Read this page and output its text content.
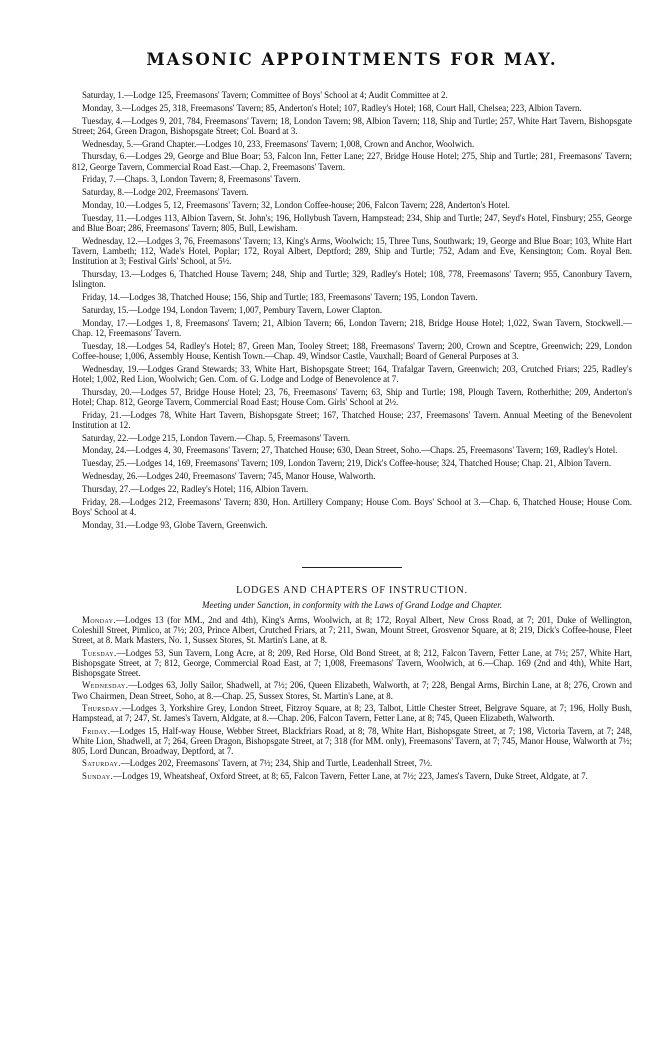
MASONIC APPOINTMENTS FOR MAY.

Saturday, 1.—Lodge 125, Freemasons' Tavern; Committee of Boys' School at 4; Audit Committee at 2.

Monday, 3.—Lodges 25, 318, Freemasons' Tavern; 85, Anderton's Hotel; 107, Radley's Hotel; 168, Court Hall, Chelsea; 223, Albion Tavern.

Tuesday, 4.—Lodges 9, 201, 784, Freemasons' Tavern; 18, London Tavern; 98, Albion Tavern; 118, Ship and Turtle; 257, White Hart Tavern, Bishopsgate Street; 264, Green Dragon, Bishopsgate Street; Col. Board at 3.

Wednesday, 5.—Grand Chapter.—Lodges 10, 233, Freemasons' Tavern; 1,008, Crown and Anchor, Woolwich.

Thursday, 6.—Lodges 29, George and Blue Boar; 53, Falcon Inn, Fetter Lane; 227, Bridge House Hotel; 275, Ship and Turtle; 281, Freemasons' Tavern; 812, George Tavern, Commercial Road East.—Chap. 2, Freemasons' Tavern.

Friday, 7.—Chaps. 3, London Tavern; 8, Freemasons' Tavern.

Saturday, 8.—Lodge 202, Freemasons' Tavern.

Monday, 10.—Lodges 5, 12, Freemasons' Tavern; 32, London Coffee-house; 206, Falcon Tavern; 228, Anderton's Hotel.

Tuesday, 11.—Lodges 113, Albion Tavern, St. John's; 196, Hollybush Tavern, Hampstead; 234, Ship and Turtle; 247, Seyd's Hotel, Finsbury; 255, George and Blue Boar; 286, Freemasons' Tavern; 805, Bull, Lewisham.

Wednesday, 12.—Lodges 3, 76, Freemasons' Tavern; 13, King's Arms, Woolwich; 15, Three Tuns, Southwark; 19, George and Blue Boar; 103, White Hart Tavern, Lambeth; 112, Wade's Hotel, Poplar; 172, Royal Albert, Deptford; 289, Ship and Turtle; 752, Adam and Eve, Kensington; Com. Royal Ben. Institution at 3; Festival Girls' School, at 5½.

Thursday, 13.—Lodges 6, Thatched House Tavern; 248, Ship and Turtle; 329, Radley's Hotel; 108, 778, Freemasons' Tavern; 955, Canonbury Tavern, Islington.

Friday, 14.—Lodges 38, Thatched House; 156, Ship and Turtle; 183, Freemasons' Tavern; 195, London Tavern.

Saturday, 15.—Lodge 194, London Tavern; 1,007, Pembury Tavern, Lower Clapton.

Monday, 17.—Lodges 1, 8, Freemasons' Tavern; 21, Albion Tavern; 66, London Tavern; 218, Bridge House Hotel; 1,022, Swan Tavern, Stockwell.—Chap. 12, Freemasons' Tavern.

Tuesday, 18.—Lodges 54, Radley's Hotel; 87, Green Man, Tooley Street; 188, Freemasons' Tavern; 200, Crown and Sceptre, Greenwich; 229, London Coffee-house; 1,006, Assembly House, Kentish Town.—Chap. 49, Windsor Castle, Vauxhall; Board of General Purposes at 3.

Wednesday, 19.—Lodges Grand Stewards; 33, White Hart, Bishopsgate Street; 164, Trafalgar Tavern, Greenwich; 203, Crutched Friars; 225, Radley's Hotel; 1,002, Red Lion, Woolwich; Gen. Com. of G. Lodge and Lodge of Benevolence at 7.

Thursday, 20.—Lodges 57, Bridge House Hotel; 23, 76, Freemasons' Tavern; 63, Ship and Turtle; 198, Plough Tavern, Rotherhithe; 209, Anderton's Hotel; Chap. 812, George Tavern, Commercial Road East; House Com. Girls' School at 2½.

Friday, 21.—Lodges 78, White Hart Tavern, Bishopsgate Street; 167, Thatched House; 237, Freemasons' Tavern. Annual Meeting of the Benevolent Institution at 12.

Saturday, 22.—Lodge 215, London Tavern.—Chap. 5, Freemasons' Tavern.

Monday, 24.—Lodges 4, 30, Freemasons' Tavern; 27, Thatched House; 630, Dean Street, Soho.—Chaps. 25, Freemasons' Tavern; 169, Radley's Hotel.

Tuesday, 25.—Lodges 14, 169, Freemasons' Tavern; 109, London Tavern; 219, Dick's Coffee-house; 324, Thatched House; Chap. 21, Albion Tavern.

Wednesday, 26.—Lodges 240, Freemasons' Tavern; 745, Manor House, Walworth.

Thursday, 27.—Lodges 22, Radley's Hotel; 116, Albion Tavern.

Friday, 28.—Lodges 212, Freemasons' Tavern; 830, Hon. Artillery Company; House Com. Boys' School at 3.—Chap. 6, Thatched House; House Com. Boys' School at 4.

Monday, 31.—Lodge 93, Globe Tavern, Greenwich.

LODGES AND CHAPTERS OF INSTRUCTION.
Meeting under Sanction, in conformity with the Laws of Grand Lodge and Chapter.

Monday.—Lodges 13 (for MM., 2nd and 4th), King's Arms, Woolwich, at 8; 172, Royal Albert, New Cross Road, at 7; 201, Duke of Wellington, Coleshill Street, Pimlico, at 7½; 203, Prince Albert, Crutched Friars, at 7; 211, Swan, Mount Street, Grosvenor Square, at 8; 219, Dick's Coffee-house, Fleet Street, at 8. Mark Masters, No. 1, Sussex Stores, St. Martin's Lane, at 8.

Tuesday.—Lodges 53, Sun Tavern, Long Acre, at 8; 209, Red Horse, Old Bond Street, at 8; 212, Falcon Tavern, Fetter Lane, at 7½; 257, White Hart, Bishopsgate Street, at 7; 812, George, Commercial Road East, at 7; 1,008, Freemasons' Tavern, Woolwich, at 6.—Chap. 169 (2nd and 4th), White Hart, Bishopsgate Street.

Wednesday.—Lodges 63, Jolly Sailor, Shadwell, at 7½; 206, Queen Elizabeth, Walworth, at 7; 228, Bengal Arms, Birchin Lane, at 8; 276, Crown and Two Chairmen, Dean Street, Soho, at 8.—Chap. 25, Sussex Stores, St. Martin's Lane, at 8.

Thursday.—Lodges 3, Yorkshire Grey, London Street, Fitzroy Square, at 8; 23, Talbot, Little Chester Street, Belgrave Square, at 7; 196, Holly Bush, Hampstead, at 7; 247, St. James's Tavern, Aldgate, at 8.—Chap. 206, Falcon Tavern, Fetter Lane, at 8; 745, Queen Elizabeth, Walworth.

Friday.—Lodges 15, Half-way House, Webber Street, Blackfriars Road, at 8; 78, White Hart, Bishopsgate Street, at 7; 198, Victoria Tavern, at 7; 248, White Lion, Shadwell, at 7; 264, Green Dragon, Bishopsgate Street, at 7; 318 (for MM. only), Freemasons' Tavern, at 7; 745, Manor House, Walworth at 7½; 805, Lord Duncan, Broadway, Deptford, at 7.

Saturday.—Lodges 202, Freemasons' Tavern, at 7½; 234, Ship and Turtle, Leadenhall Street, 7½.

Sunday.—Lodges 19, Wheatsheaf, Oxford Street, at 8; 65, Falcon Tavern, Fetter Lane, at 7½; 223, James's Tavern, Duke Street, Aldgate, at 7.
